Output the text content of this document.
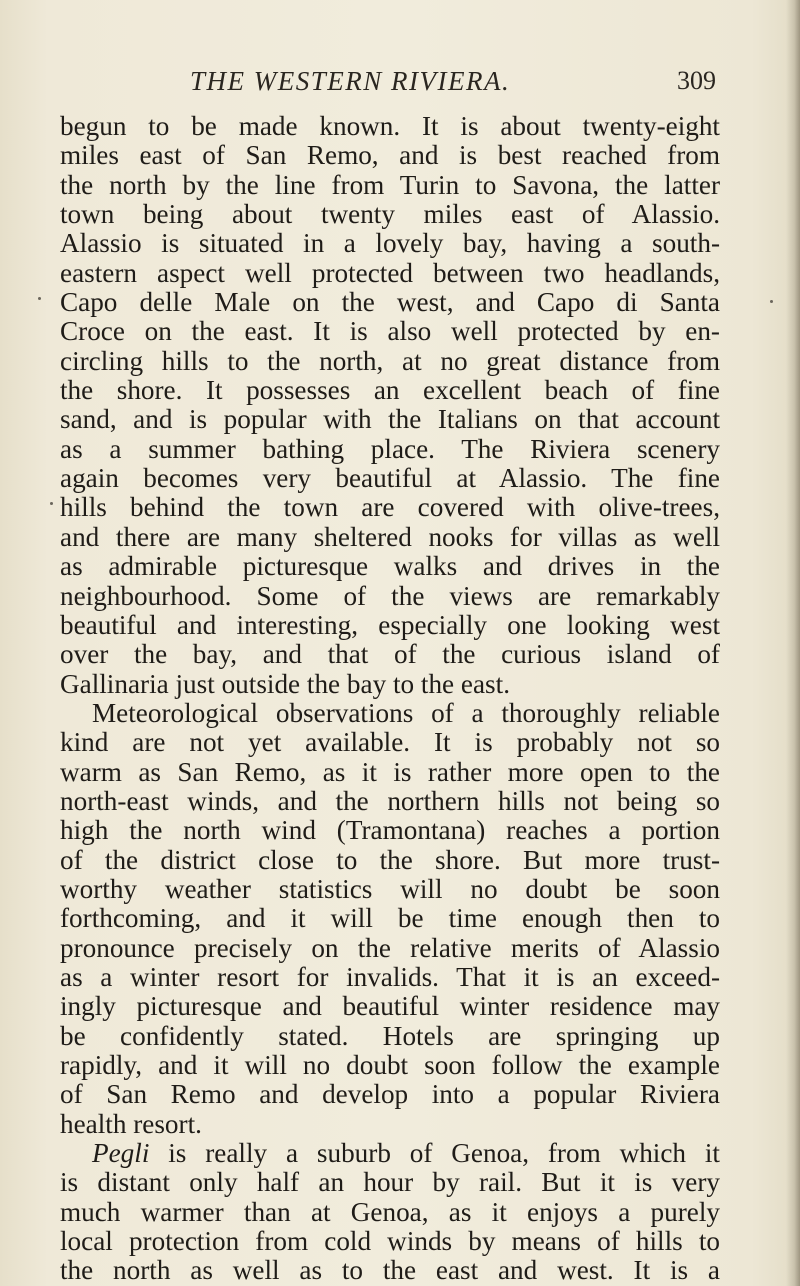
THE WESTERN RIVIERA.	309
begun to be made known. It is about twenty-eight
miles east of San Remo, and is best reached from
the north by the line from Turin to Savona, the latter
town being about twenty miles east of Alassio.
Alassio is situated in a lovely bay, having a south-
eastern aspect well protected between two headlands,
Capo delle Male on the west, and Capo di Santa
Croce on the east. It is also well protected by en-
circling hills to the north, at no great distance from
the shore. It possesses an excellent beach of fine
sand, and is popular with the Italians on that account
as a summer bathing place. The Riviera scenery
again becomes very beautiful at Alassio. The fine
hills behind the town are covered with olive-trees,
and there are many sheltered nooks for villas as well
as admirable picturesque walks and drives in the
neighbourhood. Some of the views are remarkably
beautiful and interesting, especially one looking west
over the bay, and that of the curious island of
Gallinaria just outside the bay to the east.
Meteorological observations of a thoroughly reliable
kind are not yet available. It is probably not so
warm as San Remo, as it is rather more open to the
north-east winds, and the northern hills not being so
high the north wind (Tramontana) reaches a portion
of the district close to the shore. But more trust-
worthy weather statistics will no doubt be soon
forthcoming, and it will be time enough then to
pronounce precisely on the relative merits of Alassio
as a winter resort for invalids. That it is an exceed-
ingly picturesque and beautiful winter residence may
be confidently stated. Hotels are springing up
rapidly, and it will no doubt soon follow the example
of San Remo and develop into a popular Riviera
health resort.
Pegli is really a suburb of Genoa, from which it
is distant only half an hour by rail. But it is very
much warmer than at Genoa, as it enjoys a purely
local protection from cold winds by means of hills to
the north as well as to the east and west. It is a
